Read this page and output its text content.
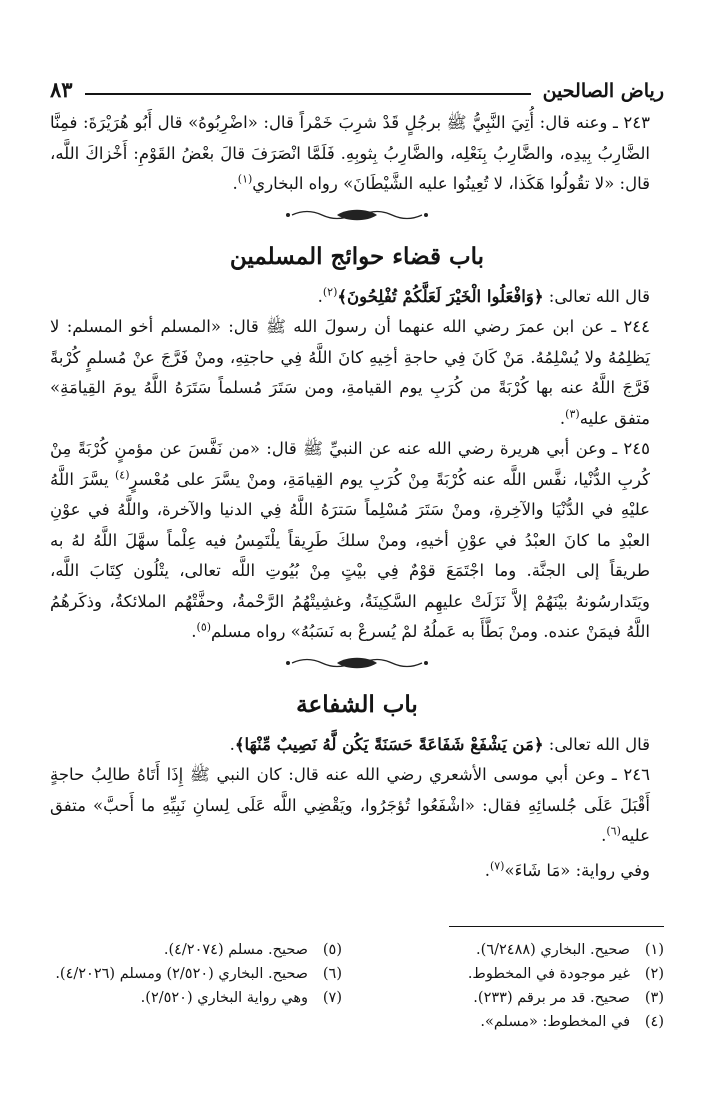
رياض الصالحين
٨٣

٢٤٣ ـ وعنه قال: أُتِيَ النَّبِيُّ ﷺ برجُلٍ قَدْ شرِبَ خَمْراً قال: «اضْرِبُوهُ» قال أَبُو هُرَيْرَةَ: فمِنَّا الضَّارِبُ بِيدِه، والضَّارِبُ بِنَعْلِه، والضَّارِبُ بِثوبِهِ. فَلَمَّا انْصَرَفَ قالَ بعْضُ القَوْمِ: أَخْزاكَ اللَّه، قال: «لا تقُولُوا هَكَذا، لا تُعِينُوا عليه الشَّيْطَانَ» رواه البخاري$^{(١)}$.

باب قضاء حوائج المسلمين

قال الله تعالى: ﴿وَافْعَلُوا الْخَيْرَ لَعَلَّكُمْ تُفْلِحُونَ﴾$^{(٢)}$.

٢٤٤ ـ عن ابن عمرَ رضي الله عنهما أن رسولَ الله ﷺ قال: «المسلم أخو المسلم: لا يَظلِمُهُ ولا يُسْلِمُهُ. مَنْ كَانَ فِي حاجةِ أخِيهِ كانَ اللَّهُ فِي حاجتِهِ، ومنْ فَرَّجَ عنْ مُسلمٍ كُرْبةً فَرَّجَ اللَّهُ عنه بها كُرْبَةً من كُرَبِ يوم القيامةِ، ومن سَتَرَ مُسلماً سَتَرَهُ اللَّهُ يومَ القِيامَةِ» متفق عليه$^{(٣)}$.

٢٤٥ ـ وعن أبي هريرة رضي الله عنه عن النبيِّ ﷺ قال: «من نَفَّسَ عن مؤمنٍ كُرْبَةً مِنْ كُربِ الدُّنْيا، نفَّس اللَّه عنه كُرْبَةً مِنْ كُرَبِ يوم القِيامَةِ، ومنْ يسَّرَ على مُعْسرٍ$^{(٤)}$ يسَّرَ اللَّهُ عليْهِ في الدُّنْيَا والآخِرةِ، ومنْ سَتَرَ مُسْلِماً سَترَهُ اللَّهُ فِي الدنيا والآخرة، واللَّهُ في عوْنِ العبْدِ ما كانَ العبْدُ في عوْنِ أخيهِ، ومنْ سلكَ طَرِيقاً يلْتَمِسُ فيه عِلْماً سهَّلَ اللَّهُ لهُ به طريقاً إلى الجنَّة. وما اجْتَمَعَ قوْمٌ فِي بيْتٍ مِنْ بُيُوتِ اللَّه تعالى، يتْلُون كِتَابَ اللَّه، ويَتَدارسُونهُ بيْنَهُمْ إلاَّ نَزَلَتْ عليهِم السَّكِينَةُ، وغشِيتْهُمُ الرَّحْمةُ، وحفَّتْهُم الملائكةُ، وذكَرهُمُ اللَّهُ فيمَنْ عنده. ومنْ بَطَّأَ به عَملُهُ لمْ يُسرعْ به نَسَبُهُ» رواه مسلم$^{(٥)}$.

باب الشفاعة

قال الله تعالى: ﴿مَن يَشْفَعْ شَفَاعَةً حَسَنَةً يَكُن لَّهُ نَصِيبٌ مِّنْهَا﴾.

٢٤٦ ـ وعن أبي موسى الأشعري رضي الله عنه قال: كان النبي ﷺ إِذَا أَتَاهُ طالِبُ حاجةٍ أَقْبَلَ عَلَى جُلسائِهِ فقال: «اشْفَعُوا تُؤجَرُوا، ويَقْضِي اللَّه عَلَى لِسانِ نَبِيِّهِ ما أَحبَّ» متفق عليه$^{(٦)}$.

وفي رواية: «مَا شَاءَ»$^{(٧)}$.

(١)
صحيح. البخاري (٦/٢٤٨٨).
(٢)
غير موجودة في المخطوط.
(٣)
صحيح. قد مر برقم (٢٣٣).
(٤)
في المخطوط: «مسلم».
(٥)
صحيح. مسلم (٤/٢٠٧٤).
(٦)
صحيح. البخاري (٢/٥٢٠) ومسلم (٤/٢٠٢٦).
(٧)
وهي رواية البخاري (٢/٥٢٠).
